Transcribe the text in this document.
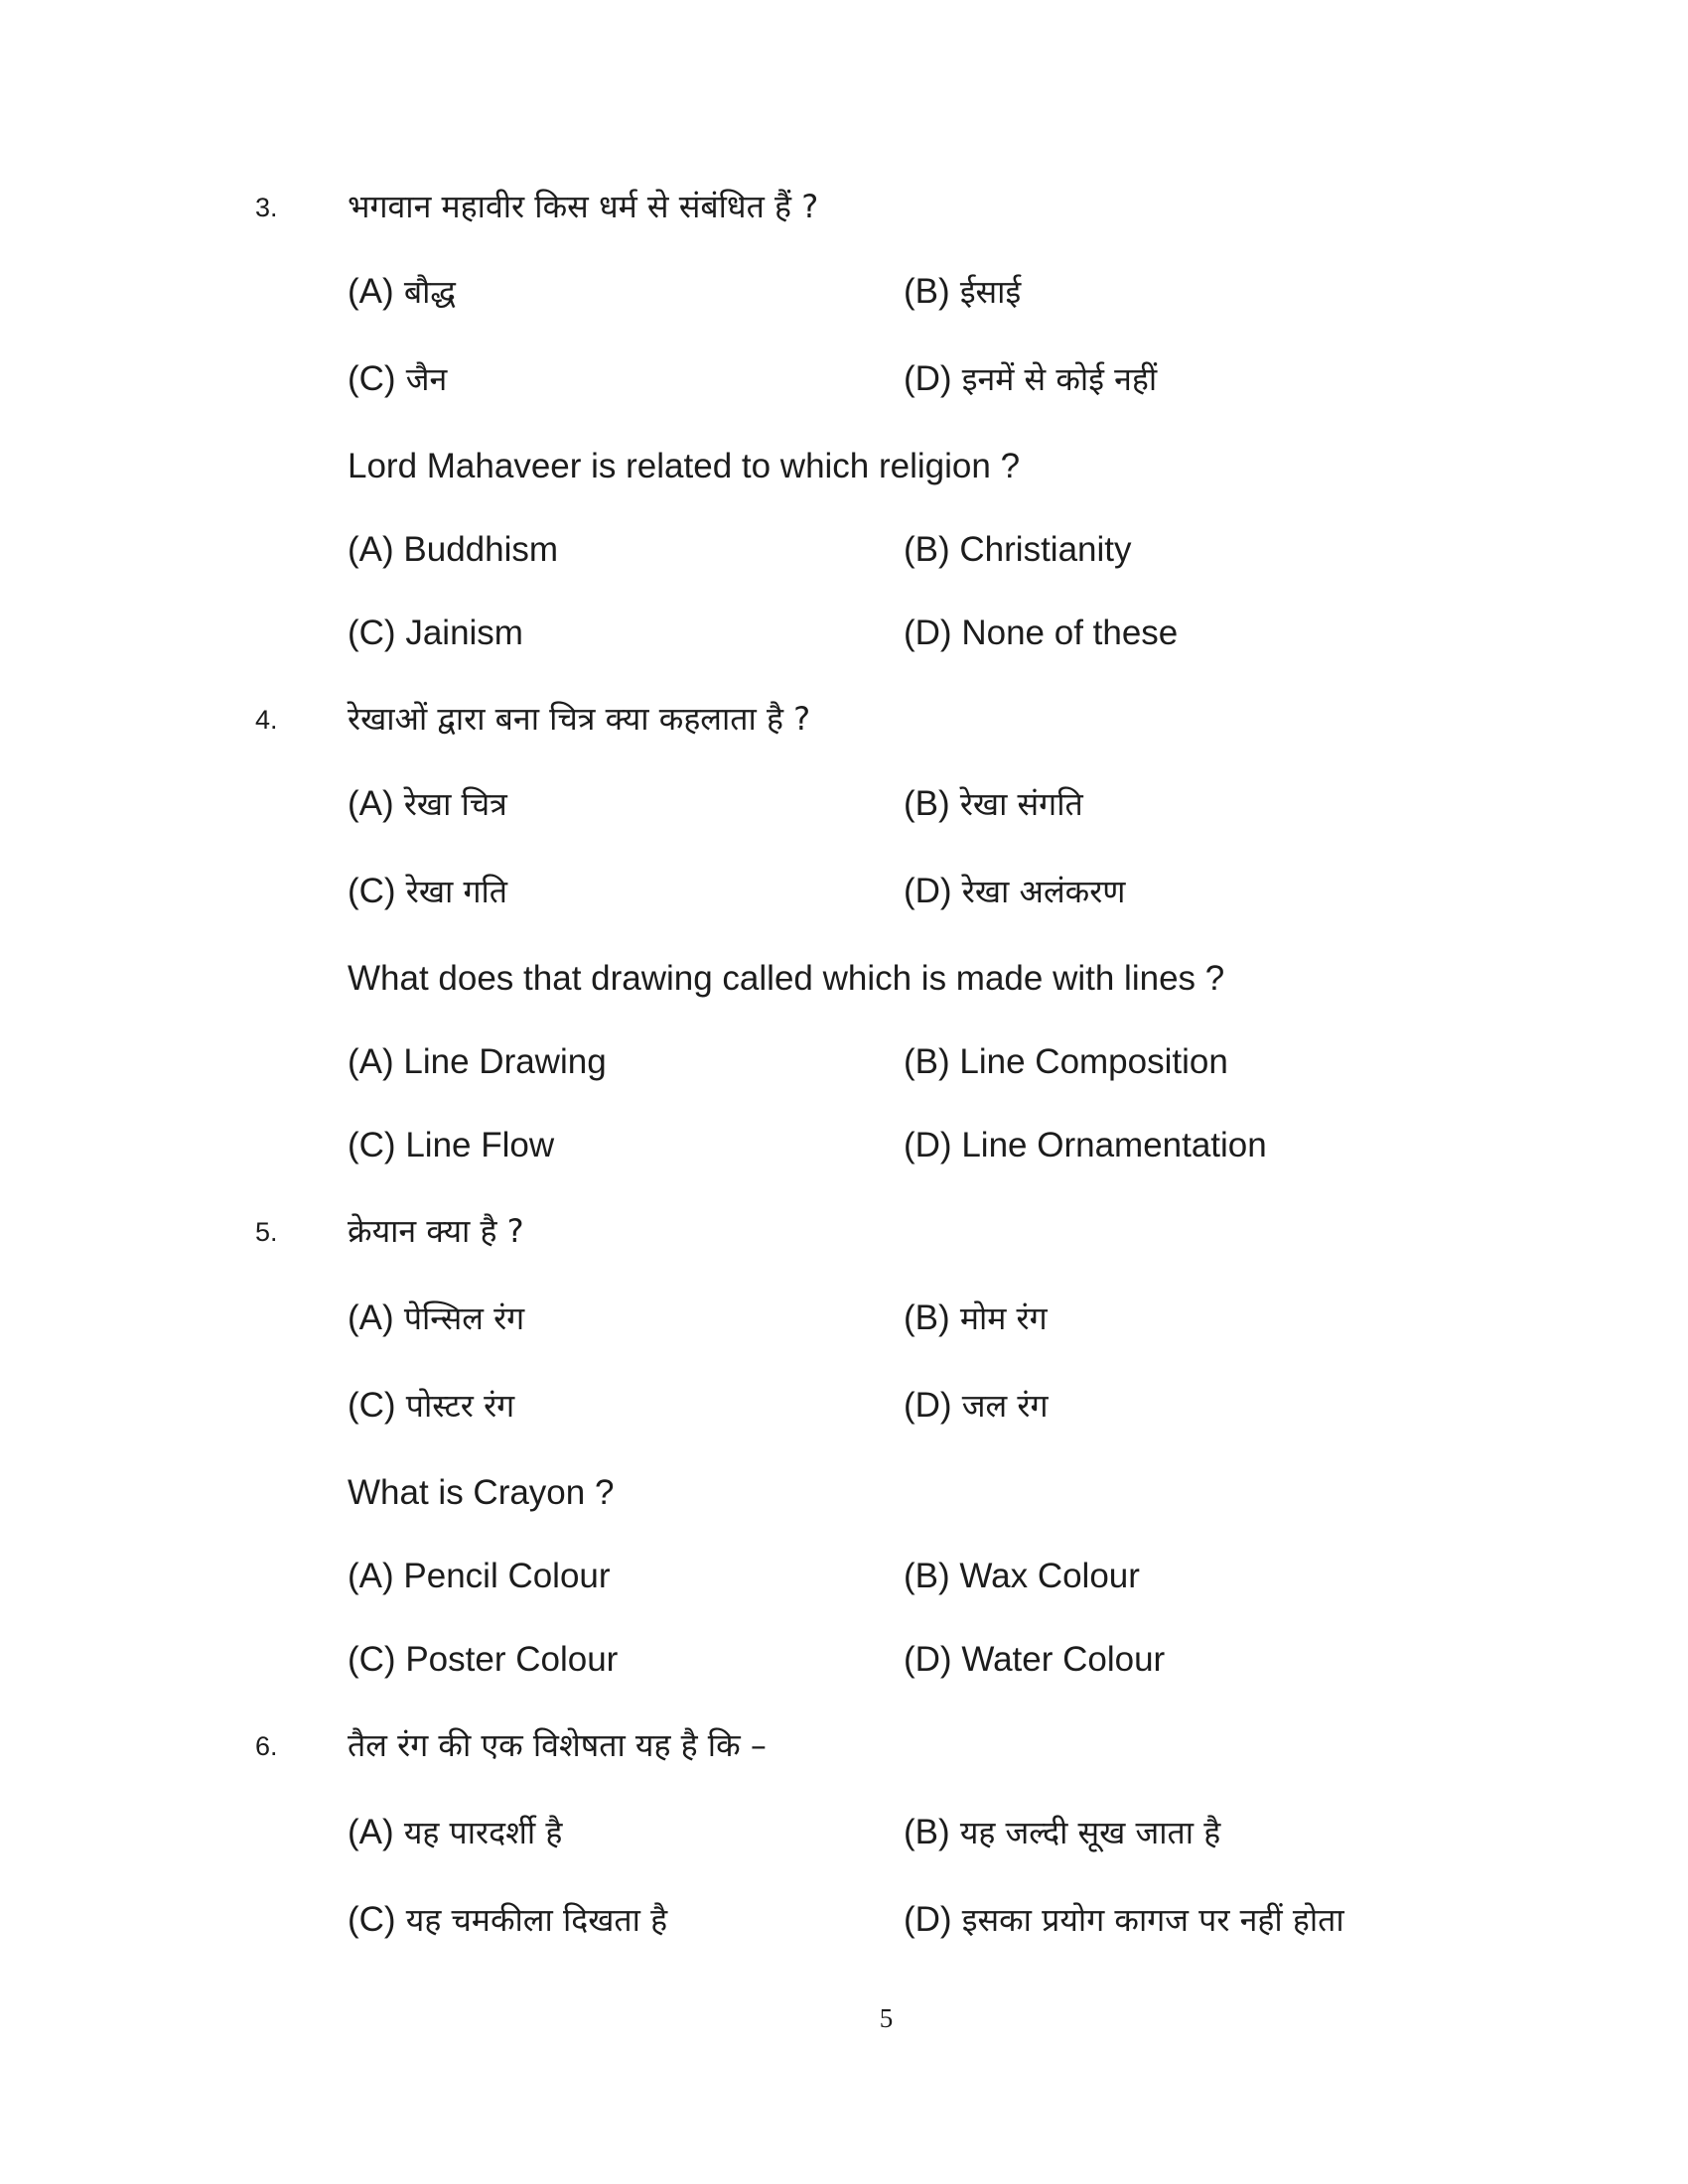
3. भगवान महावीर किस धर्म से संबंधित हैं ?
(A) बौद्ध	(B) ईसाई
(C) जैन	(D) इनमें से कोई नहीं
Lord Mahaveer is related to which religion ?
(A) Buddhism	(B) Christianity
(C) Jainism	(D) None of these
4. रेखाओं द्वारा बना चित्र क्या कहलाता है ?
(A) रेखा चित्र	(B) रेखा संगति
(C) रेखा गति	(D) रेखा अलंकरण
What does that drawing called which is made with lines ?
(A) Line Drawing	(B) Line Composition
(C) Line Flow	(D) Line Ornamentation
5. क्रेयान क्या है ?
(A) पेन्सिल रंग	(B) मोम रंग
(C) पोस्टर रंग	(D) जल रंग
What is Crayon ?
(A) Pencil Colour	(B) Wax Colour
(C) Poster Colour	(D) Water Colour
6. तैल रंग की एक विशेषता यह है कि –
(A) यह पारदर्शी है	(B) यह जल्दी सूख जाता है
(C) यह चमकीला दिखता है	(D) इसका प्रयोग कागज पर नहीं होता
5
